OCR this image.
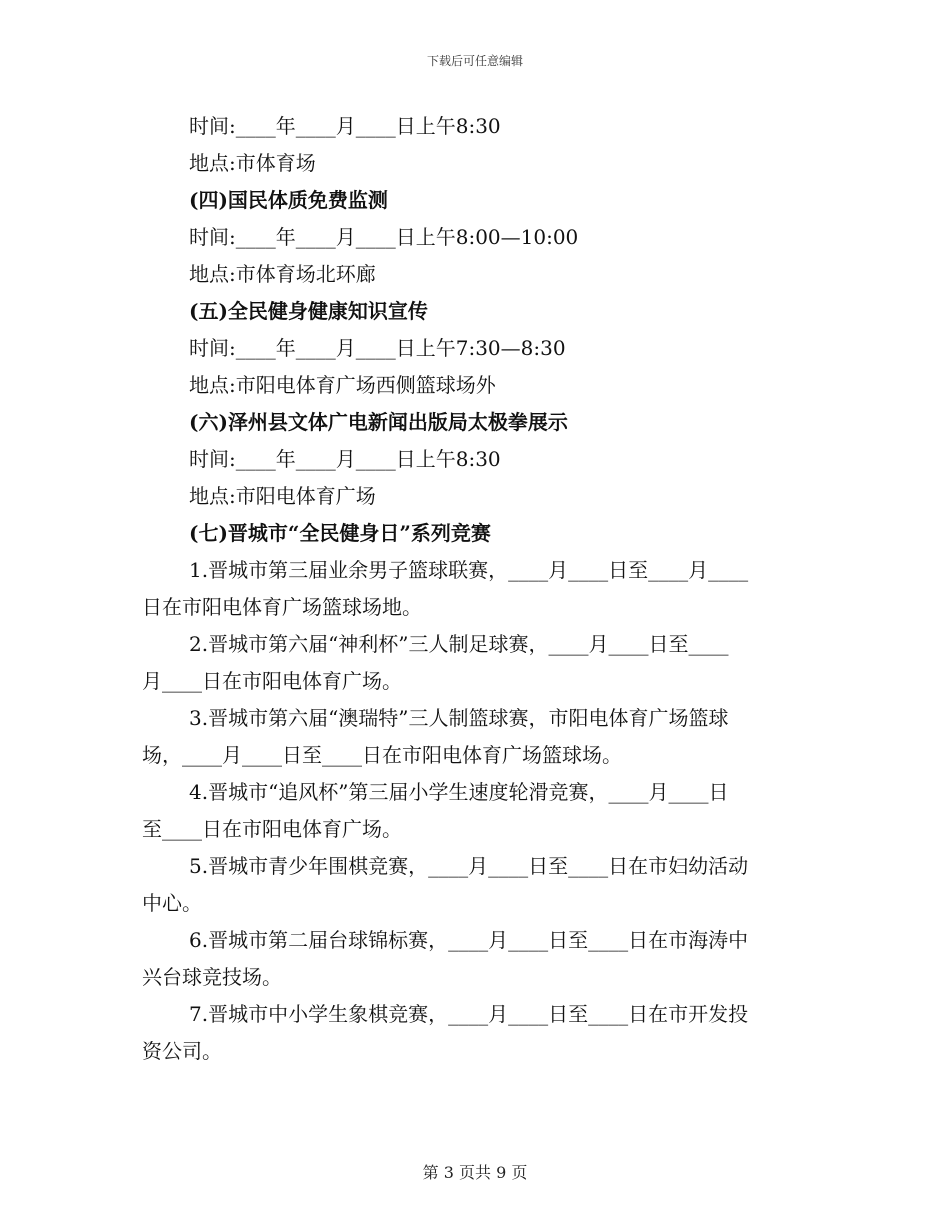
下载后可任意编辑
时间:____年____月____日上午8:30
地点:市体育场
(四)国民体质免费监测
时间:____年____月____日上午8:00—10:00
地点:市体育场北环廊
(五)全民健身健康知识宣传
时间:____年____月____日上午7:30—8:30
地点:市阳电体育广场西侧篮球场外
(六)泽州县文体广电新闻出版局太极拳展示
时间:____年____月____日上午8:30
地点:市阳电体育广场
(七)晋城市“全民健身日”系列竞赛
1.晋城市第三届业余男子篮球联赛，____月____日至____月____
日在市阳电体育广场篮球场地。
2.晋城市第六届“神利杯”三人制足球赛，____月____日至____
月____日在市阳电体育广场。
3.晋城市第六届“澳瑞特”三人制篮球赛，市阳电体育广场篮球
场，____月____日至____日在市阳电体育广场篮球场。
4.晋城市“追风杯”第三届小学生速度轮滑竞赛，____月____日
至____日在市阳电体育广场。
5.晋城市青少年围棋竞赛，____月____日至____日在市妇幼活动
中心。
6.晋城市第二届台球锦标赛，____月____日至____日在市海涛中
兴台球竞技场。
7.晋城市中小学生象棋竞赛，____月____日至____日在市开发投
资公司。
第 3 页共 9 页
